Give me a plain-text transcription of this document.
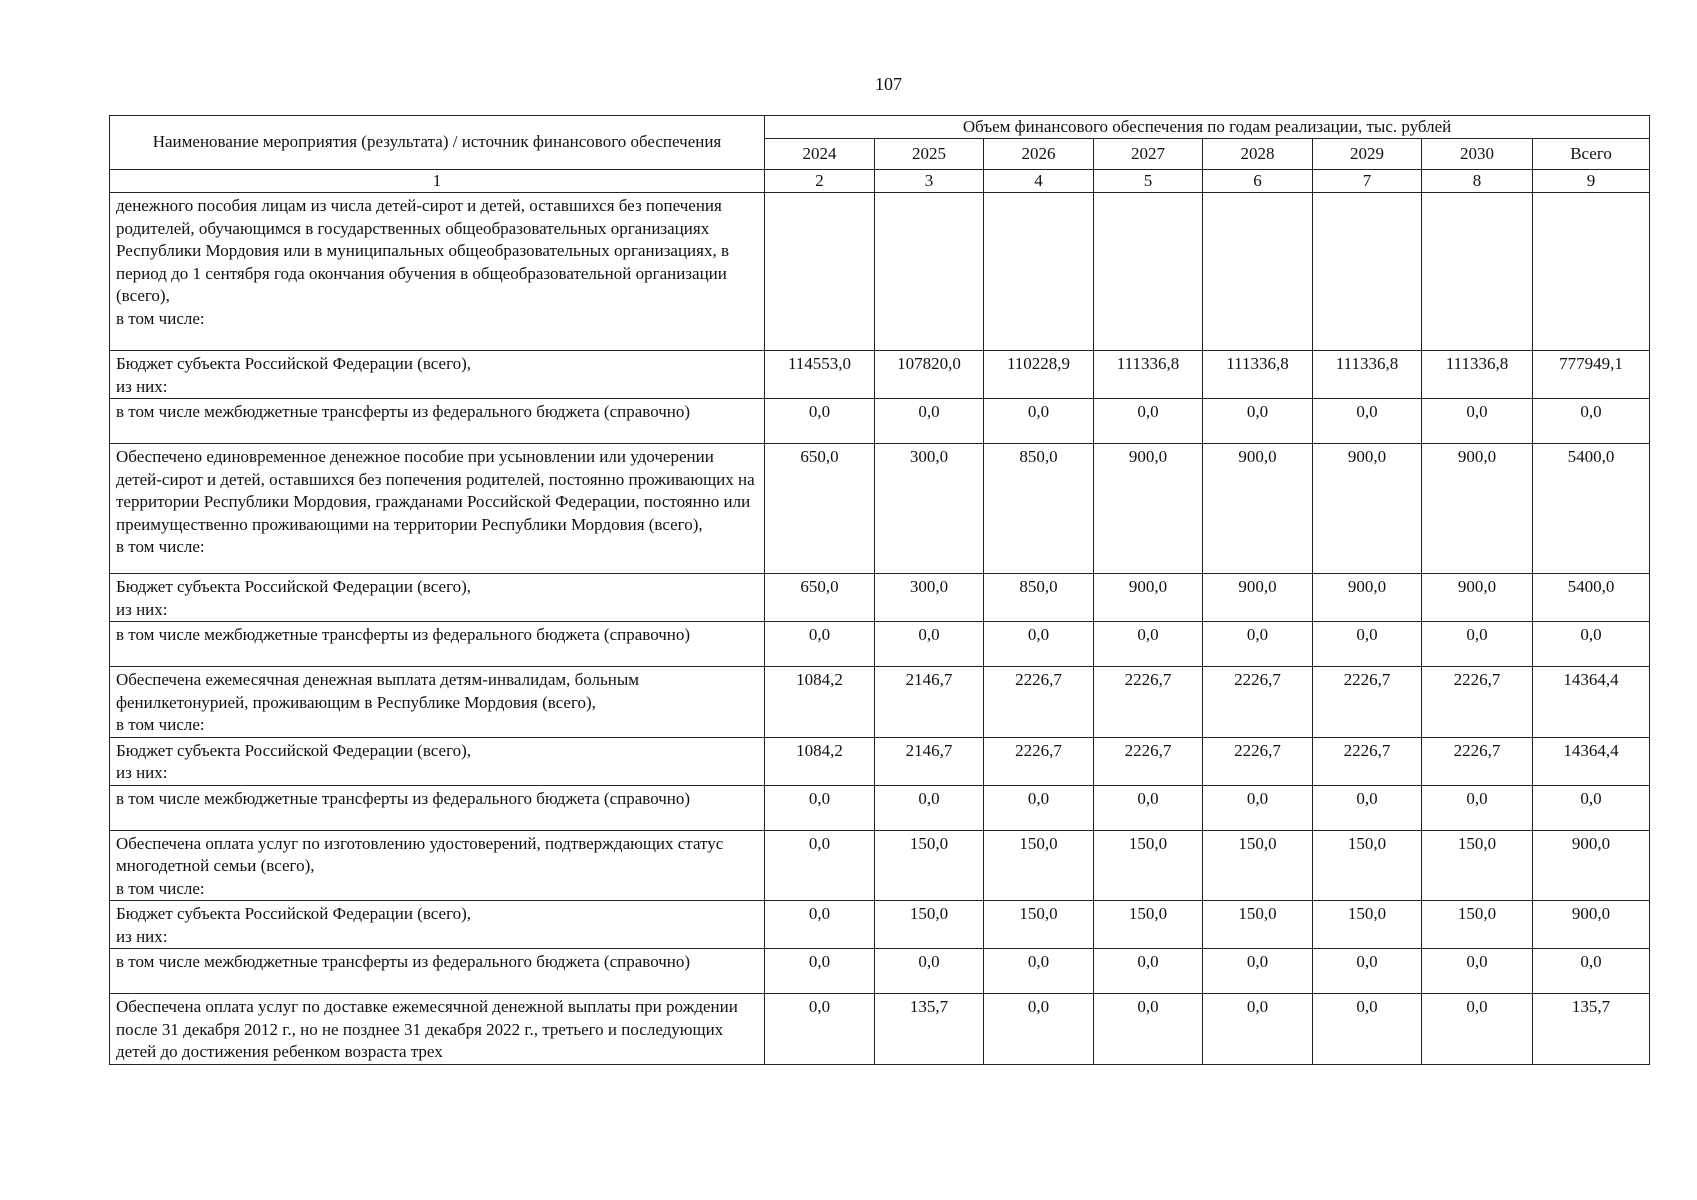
107
Наименование мероприятия (результата) / источник финансового обеспечения	Объем финансового обеспечения по годам реализации, тыс. рублей							
	2024	2025	2026	2027	2028	2029	2030	Всего
1	2	3	4	5	6	7	8	9
денежного пособия лицам из числа детей-сирот и детей, оставшихся без попечения родителей, обучающимся в государственных общеобразовательных организациях Республики Мордовия или в муниципальных общеобразовательных организациях, в период до 1 сентября года окончания обучения в общеобразовательной организации (всего),
в том числе:								
Бюджет субъекта Российской Федерации (всего),
из них:	114553,0	107820,0	110228,9	111336,8	111336,8	111336,8	111336,8	777949,1
в том числе межбюджетные трансферты из федерального бюджета (справочно)	0,0	0,0	0,0	0,0	0,0	0,0	0,0	0,0
Обеспечено единовременное денежное пособие при усыновлении или удочерении детей-сирот и детей, оставшихся без попечения родителей, постоянно проживающих на территории Республики Мордовия, гражданами Российской Федерации, постоянно или преимущественно проживающими на территории Республики Мордовия (всего),
в том числе:	650,0	300,0	850,0	900,0	900,0	900,0	900,0	5400,0
Бюджет субъекта Российской Федерации (всего),
из них:	650,0	300,0	850,0	900,0	900,0	900,0	900,0	5400,0
в том числе межбюджетные трансферты из федерального бюджета (справочно)	0,0	0,0	0,0	0,0	0,0	0,0	0,0	0,0
Обеспечена ежемесячная денежная выплата детям-инвалидам, больным фенилкетонурией, проживающим в Республике Мордовия (всего),
в том числе:	1084,2	2146,7	2226,7	2226,7	2226,7	2226,7	2226,7	14364,4
Бюджет субъекта Российской Федерации (всего),
из них:	1084,2	2146,7	2226,7	2226,7	2226,7	2226,7	2226,7	14364,4
в том числе межбюджетные трансферты из федерального бюджета (справочно)	0,0	0,0	0,0	0,0	0,0	0,0	0,0	0,0
Обеспечена оплата услуг по изготовлению удостоверений, подтверждающих статус многодетной семьи (всего),
в том числе:	0,0	150,0	150,0	150,0	150,0	150,0	150,0	900,0
Бюджет субъекта Российской Федерации (всего),
из них:	0,0	150,0	150,0	150,0	150,0	150,0	150,0	900,0
в том числе межбюджетные трансферты из федерального бюджета (справочно)	0,0	0,0	0,0	0,0	0,0	0,0	0,0	0,0
Обеспечена оплата услуг по доставке ежемесячной денежной выплаты при рождении после 31 декабря 2012 г., но не позднее 31 декабря 2022 г., третьего и последующих детей до достижения ребенком возраста трех	0,0	135,7	0,0	0,0	0,0	0,0	0,0	135,7
